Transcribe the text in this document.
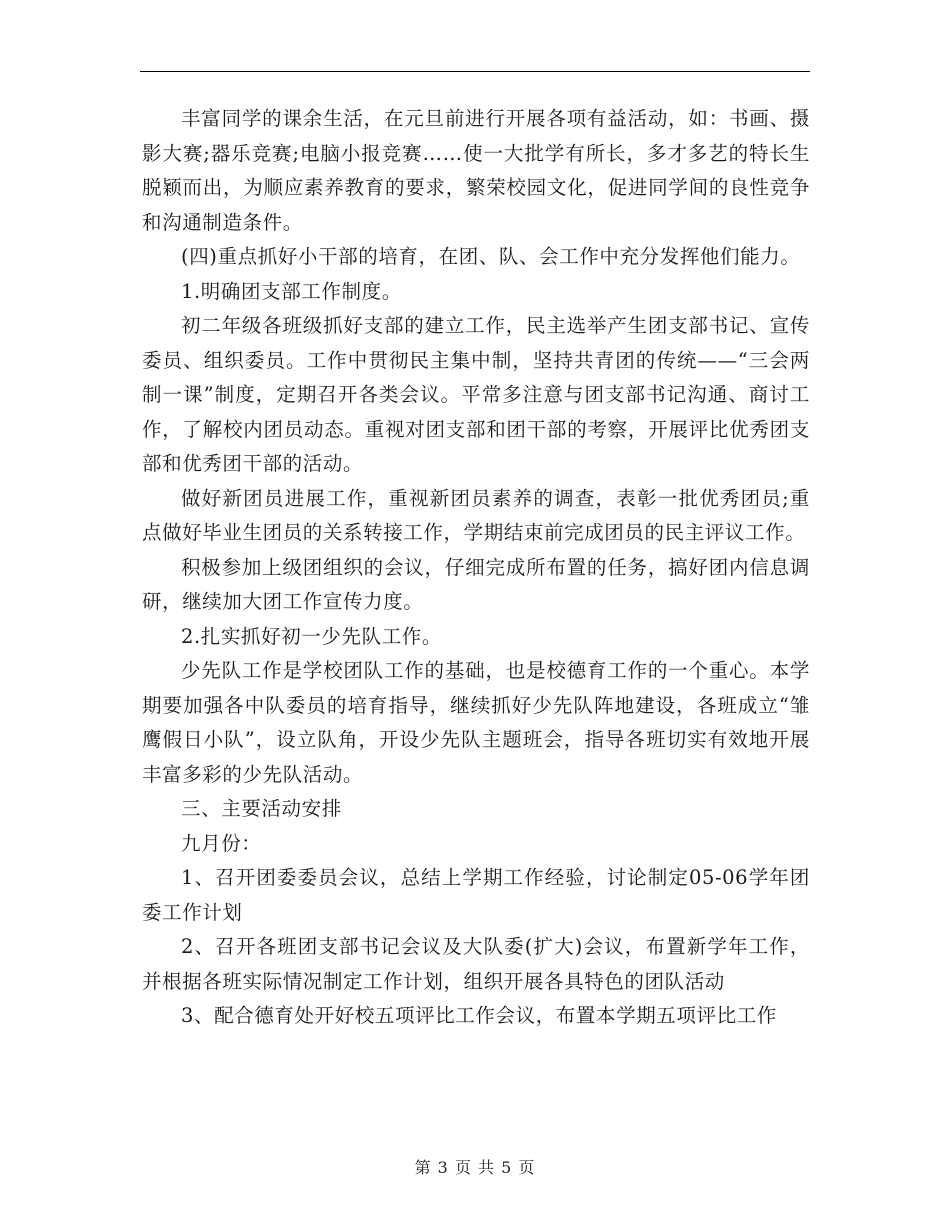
丰富同学的课余生活，在元旦前进行开展各项有益活动，如：书画、摄影大赛;器乐竞赛;电脑小报竞赛……使一大批学有所长，多才多艺的特长生脱颖而出，为顺应素养教育的要求，繁荣校园文化，促进同学间的良性竞争和沟通制造条件。

(四)重点抓好小干部的培育，在团、队、会工作中充分发挥他们能力。

1.明确团支部工作制度。

初二年级各班级抓好支部的建立工作，民主选举产生团支部书记、宣传委员、组织委员。工作中贯彻民主集中制，坚持共青团的传统——“三会两制一课”制度，定期召开各类会议。平常多注意与团支部书记沟通、商讨工作，了解校内团员动态。重视对团支部和团干部的考察，开展评比优秀团支部和优秀团干部的活动。

做好新团员进展工作，重视新团员素养的调查，表彰一批优秀团员;重点做好毕业生团员的关系转接工作，学期结束前完成团员的民主评议工作。

积极参加上级团组织的会议，仔细完成所布置的任务，搞好团内信息调研，继续加大团工作宣传力度。

2.扎实抓好初一少先队工作。

少先队工作是学校团队工作的基础，也是校德育工作的一个重心。本学期要加强各中队委员的培育指导，继续抓好少先队阵地建设，各班成立“雏鹰假日小队”，设立队角，开设少先队主题班会，指导各班切实有效地开展丰富多彩的少先队活动。

三、主要活动安排

九月份：

1、召开团委委员会议，总结上学期工作经验，讨论制定05-06学年团委工作计划

2、召开各班团支部书记会议及大队委(扩大)会议，布置新学年工作，并根据各班实际情况制定工作计划，组织开展各具特色的团队活动

3、配合德育处开好校五项评比工作会议，布置本学期五项评比工作

第 3 页 共 5 页
